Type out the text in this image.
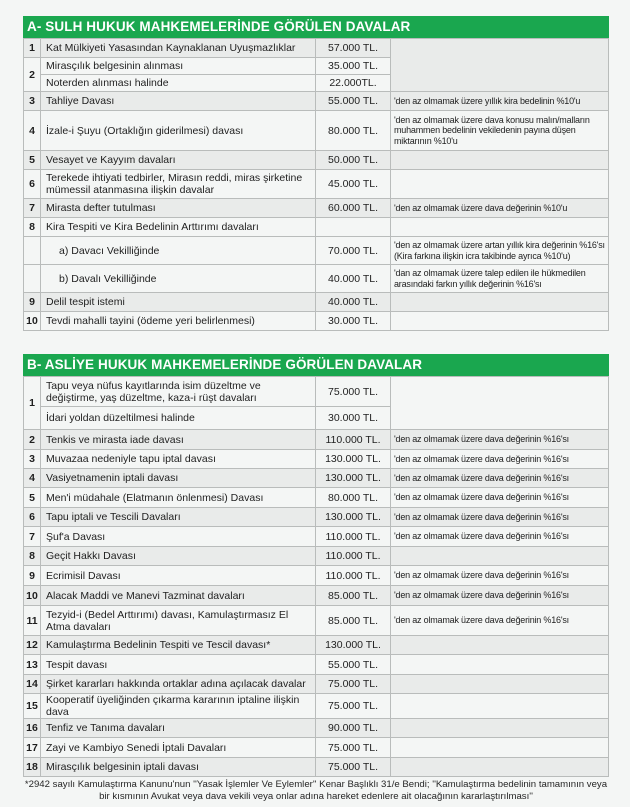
A- SULH HUKUK MAHKEMELERİNDE GÖRÜLEN DAVALAR
1	Kat Mülkiyeti Yasasından Kaynaklanan Uyuşmazlıklar	57.000 TL.	
2	Mirasçılık belgesinin alınması	35.000 TL.	
	Noterden alınması halinde	22.000TL.	
3	Tahliye Davası	55.000 TL.	'den az olmamak üzere yıllık kira bedelinin %10'u
4	İzale-i Şuyu (Ortaklığın giderilmesi) davası	80.000 TL.	'den az olmamak üzere dava konusu malın/malların muhammen bedelinin vekiledenin payına düşen miktarının %10'u
5	Vesayet ve Kayyım davaları	50.000 TL.	
6	Terekede ihtiyati tedbirler, Mirasın reddi, miras şirketine mümessil atanmasına ilişkin davalar	45.000 TL.	
7	Mirasta defter tutulması	60.000 TL.	'den az olmamak üzere dava değerinin %10'u
8	Kira Tespiti ve Kira Bedelinin Arttırımı davaları		
	a) Davacı Vekilliğinde	70.000 TL.	'den az olmamak üzere artan yıllık kira değerinin %16'sı (Kira farkına ilişkin icra takibinde ayrıca %10'u)
	b) Davalı Vekilliğinde	40.000 TL.	'dan az olmamak üzere talep edilen ile hükmedilen arasındaki farkın yıllık değerinin %16'sı
9	Delil tespit istemi	40.000 TL.	
10	Tevdi mahalli tayini (ödeme yeri belirlenmesi)	30.000 TL.	
B- ASLİYE HUKUK MAHKEMELERİNDE GÖRÜLEN DAVALAR
1	Tapu veya nüfus kayıtlarında isim düzeltme ve değiştirme, yaş düzeltme, kaza-i rüşt davaları	75.000 TL.	
	İdari yoldan düzeltilmesi halinde	30.000 TL.	
2	Tenkis ve mirasta iade davası	110.000 TL.	'den az olmamak üzere dava değerinin %16'sı
3	Muvazaa nedeniyle tapu iptal davası	130.000 TL.	'den az olmamak üzere dava değerinin %16'sı
4	Vasiyetnamenin iptali davası	130.000 TL.	'den az olmamak üzere dava değerinin %16'sı
5	Men'i müdahale (Elatmanın önlenmesi) Davası	80.000 TL.	'den az olmamak üzere dava değerinin %16'sı
6	Tapu iptali ve Tescili Davaları	130.000 TL.	'den az olmamak üzere dava değerinin %16'sı
7	Şuf'a Davası	110.000 TL.	'den az olmamak üzere dava değerinin %16'sı
8	Geçit Hakkı Davası	110.000 TL.	
9	Ecrimisil Davası	110.000 TL.	'den az olmamak üzere dava değerinin %16'sı
10	Alacak Maddi ve Manevi Tazminat davaları	85.000 TL.	'den az olmamak üzere dava değerinin %16'sı
11	Tezyid-i (Bedel Arttırımı) davası, Kamulaştırmasız El Atma davaları	85.000 TL.	'den az olmamak üzere dava değerinin %16'sı
12	Kamulaştırma Bedelinin Tespiti ve Tescil davası*	130.000 TL.	
13	Tespit davası	55.000 TL.	
14	Şirket kararları hakkında ortaklar adına açılacak davalar	75.000 TL.	
15	Kooperatif üyeliğinden çıkarma kararının iptaline ilişkin dava	75.000 TL.	
16	Tenfiz ve Tanıma davaları	90.000 TL.	
17	Zayi ve Kambiyo Senedi İptali Davaları	75.000 TL.	
18	Mirasçılık belgesinin iptali davası	75.000 TL.	
*2942 sayılı Kamulaştırma Kanunu'nun ''Yasak İşlemler Ve Eylemler'' Kenar Başlıklı 31/e Bendi; ''Kamulaştırma bedelinin tamamının veya bir kısmının Avukat veya dava vekili veya onlar adına hareket edenlere ait olacağının kararlaştırılması''
